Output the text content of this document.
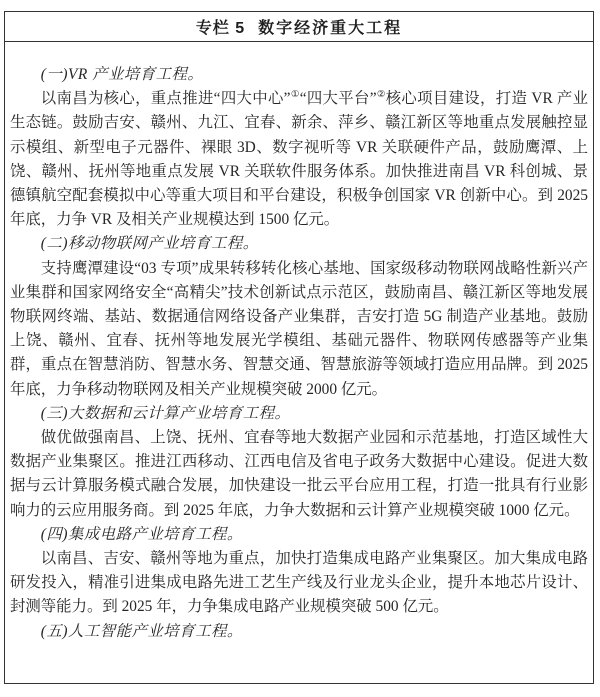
专栏 5 数字经济重大工程

(一)VR 产业培育工程。

以南昌为核心，重点推进“四大中心”①“四大平台”②核心项目建设，打造 VR 产业生态链。鼓励吉安、赣州、九江、宜春、新余、萍乡、赣江新区等地重点发展触控显示模组、新型电子元器件、裸眼 3D、数字视听等 VR 关联硬件产品，鼓励鹰潭、上饶、赣州、抚州等地重点发展 VR 关联软件服务体系。加快推进南昌 VR 科创城、景德镇航空配套模拟中心等重大项目和平台建设，积极争创国家 VR 创新中心。到 2025 年底，力争 VR 及相关产业规模达到 1500 亿元。

(二)移动物联网产业培育工程。

支持鹰潭建设“03 专项”成果转移转化核心基地、国家级移动物联网战略性新兴产业集群和国家网络安全“高精尖”技术创新试点示范区，鼓励南昌、赣江新区等地发展物联网终端、基站、数据通信网络设备产业集群，吉安打造 5G 制造产业基地。鼓励上饶、赣州、宜春、抚州等地发展光学模组、基础元器件、物联网传感器等产业集群，重点在智慧消防、智慧水务、智慧交通、智慧旅游等领域打造应用品牌。到 2025 年底，力争移动物联网及相关产业规模突破 2000 亿元。

(三)大数据和云计算产业培育工程。

做优做强南昌、上饶、抚州、宜春等地大数据产业园和示范基地，打造区域性大数据产业集聚区。推进江西移动、江西电信及省电子政务大数据中心建设。促进大数据与云计算服务模式融合发展，加快建设一批云平台应用工程，打造一批具有行业影响力的云应用服务商。到 2025 年底，力争大数据和云计算产业规模突破 1000 亿元。

(四)集成电路产业培育工程。

以南昌、吉安、赣州等地为重点，加快打造集成电路产业集聚区。加大集成电路研发投入，精准引进集成电路先进工艺生产线及行业龙头企业，提升本地芯片设计、封测等能力。到 2025 年，力争集成电路产业规模突破 500 亿元。

(五)人工智能产业培育工程。
